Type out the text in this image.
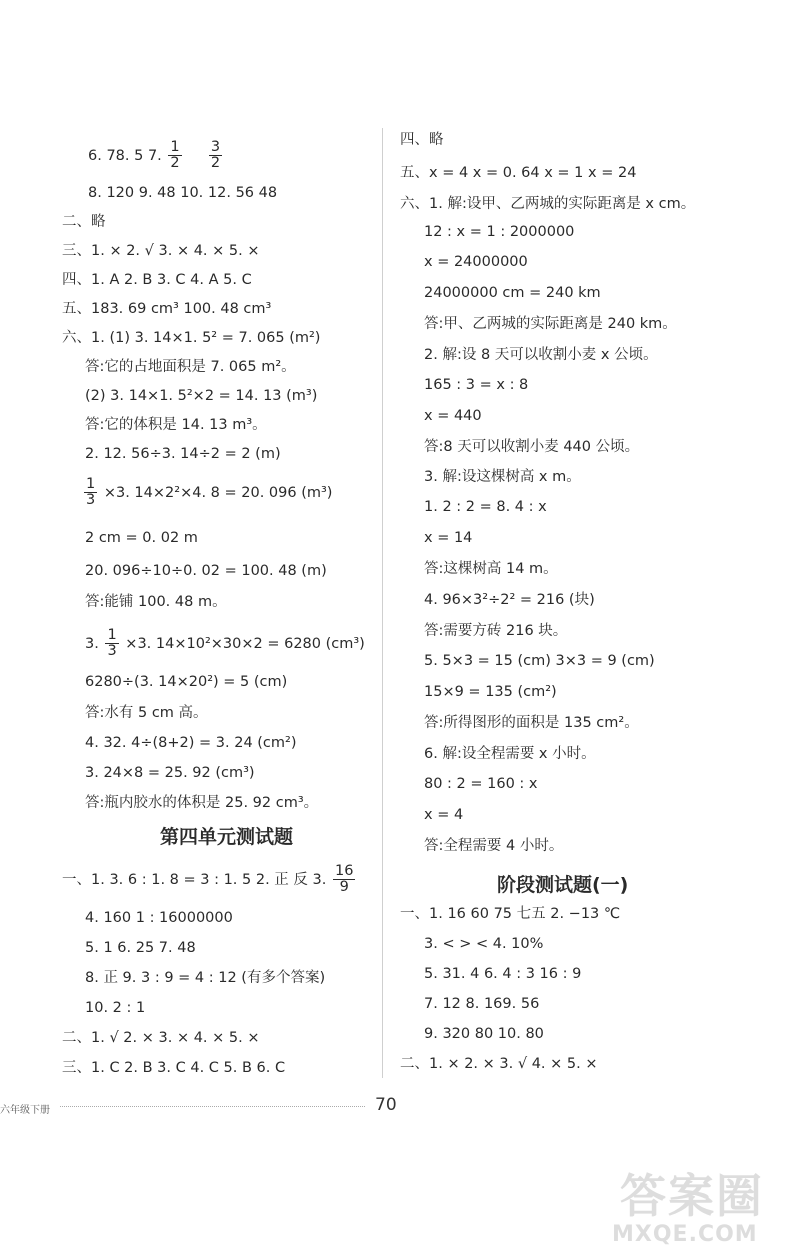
6. 78. 5 7. $\frac{1}{2}$
$\frac{3}{2}$
8. 120 9. 48 10. 12. 56 48
二、略
三、1. × 2. √ 3. × 4. × 5. ×
四、1. A 2. B 3. C 4. A 5. C
五、183. 69 cm³ 100. 48 cm³
六、1. (1) 3. 14×1. 5² = 7. 065 (m²)
答:它的占地面积是 7. 065 m²。
(2) 3. 14×1. 5²×2 = 14. 13 (m³)
答:它的体积是 14. 13 m³。
2. 12. 56÷3. 14÷2 = 2 (m)
$\frac{1}{3} \times 3$. 14×2²×4. 8 = 20. 096 (m³)
2 cm = 0. 02 m
20. 096÷10÷0. 02 = 100. 48 (m)
答:能铺 100. 48 m。
3. $\frac{1}{3} \times 3$. 14×10²×30×2 = 6280 (cm³)
6280÷(3. 14×20²) = 5 (cm)
答:水有 5 cm 高。
4. 32. 4÷(8+2) = 3. 24 (cm²)
3. 24×8 = 25. 92 (cm³)
答:瓶内胶水的体积是 25. 92 cm³。
第四单元测试题
一、1. 3. 6 : 1. 8 = 3 : 1. 5 2. 正 反 3. $\frac{16}{9}$
4. 160 1 : 16000000
5. 1 6. 25 7. 48
8. 正 9. 3 : 9 = 4 : 12 (有多个答案)
10. 2 : 1
二、1. √ 2. × 3. × 4. × 5. ×
三、1. C 2. B 3. C 4. C 5. B 6. C
四、略
五、x = 4 x = 0. 64 x = 1 x = 24
六、1. 解:设甲、乙两城的实际距离是 x cm。
12 : x = 1 : 2000000
x = 24000000
24000000 cm = 240 km
答:甲、乙两城的实际距离是 240 km。
2. 解:设 8 天可以收割小麦 x 公顷。
165 : 3 = x : 8
x = 440
答:8 天可以收割小麦 440 公顷。
3. 解:设这棵树高 x m。
1. 2 : 2 = 8. 4 : x
x = 14
答:这棵树高 14 m。
4. 96×3²÷2² = 216 (块)
答:需要方砖 216 块。
5. 5×3 = 15 (cm) 3×3 = 9 (cm)
15×9 = 135 (cm²)
答:所得图形的面积是 135 cm²。
6. 解:设全程需要 x 小时。
80 : 2 = 160 : x
x = 4
答:全程需要 4 小时。
阶段测试题(一)
一、1. 16 60 75 七五 2. −13 ℃
3. < > < 4. 10%
5. 31. 4 6. 4 : 3 16 : 9
7. 12 8. 169. 56
9. 320 80 10. 80
二、1. × 2. × 3. √ 4. × 5. ×
六年级下册	70
答案圈
MXQE.COM
